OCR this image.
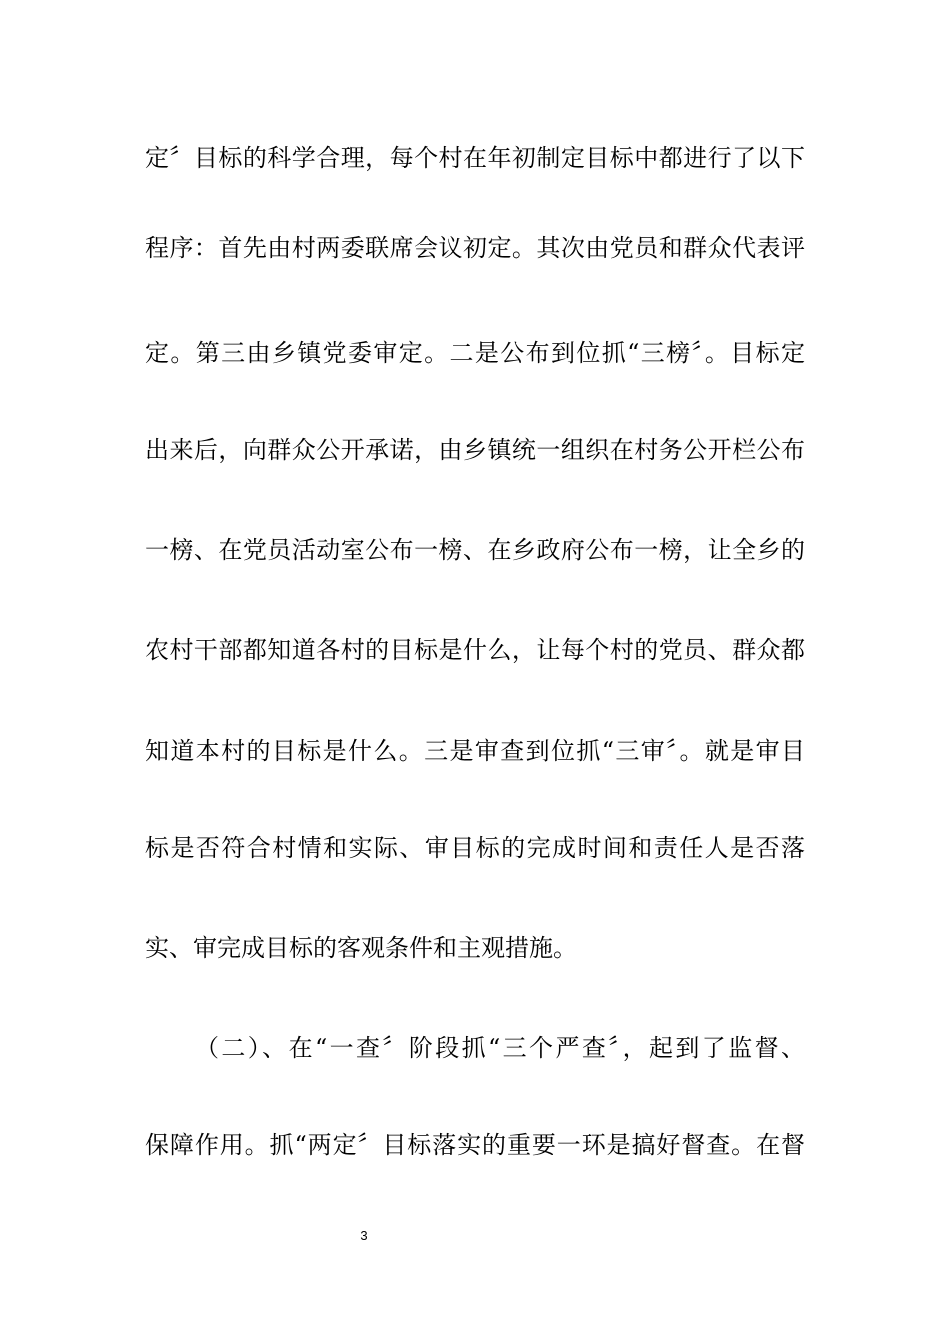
定〞目标的科学合理，每个村在年初制定目标中都进行了以下
程序：首先由村两委联席会议初定。其次由党员和群众代表评
定。第三由乡镇党委审定。二是公布到位抓“三榜〞。目标定
出来后，向群众公开承诺，由乡镇统一组织在村务公开栏公布
一榜、在党员活动室公布一榜、在乡政府公布一榜，让全乡的
农村干部都知道各村的目标是什么，让每个村的党员、群众都
知道本村的目标是什么。三是审查到位抓“三审〞。就是审目
标是否符合村情和实际、审目标的完成时间和责任人是否落
实、审完成目标的客观条件和主观措施。
（二）、在“一查〞阶段抓“三个严查〞，起到了监督、
保障作用。抓“两定〞目标落实的重要一环是搞好督查。在督
3
